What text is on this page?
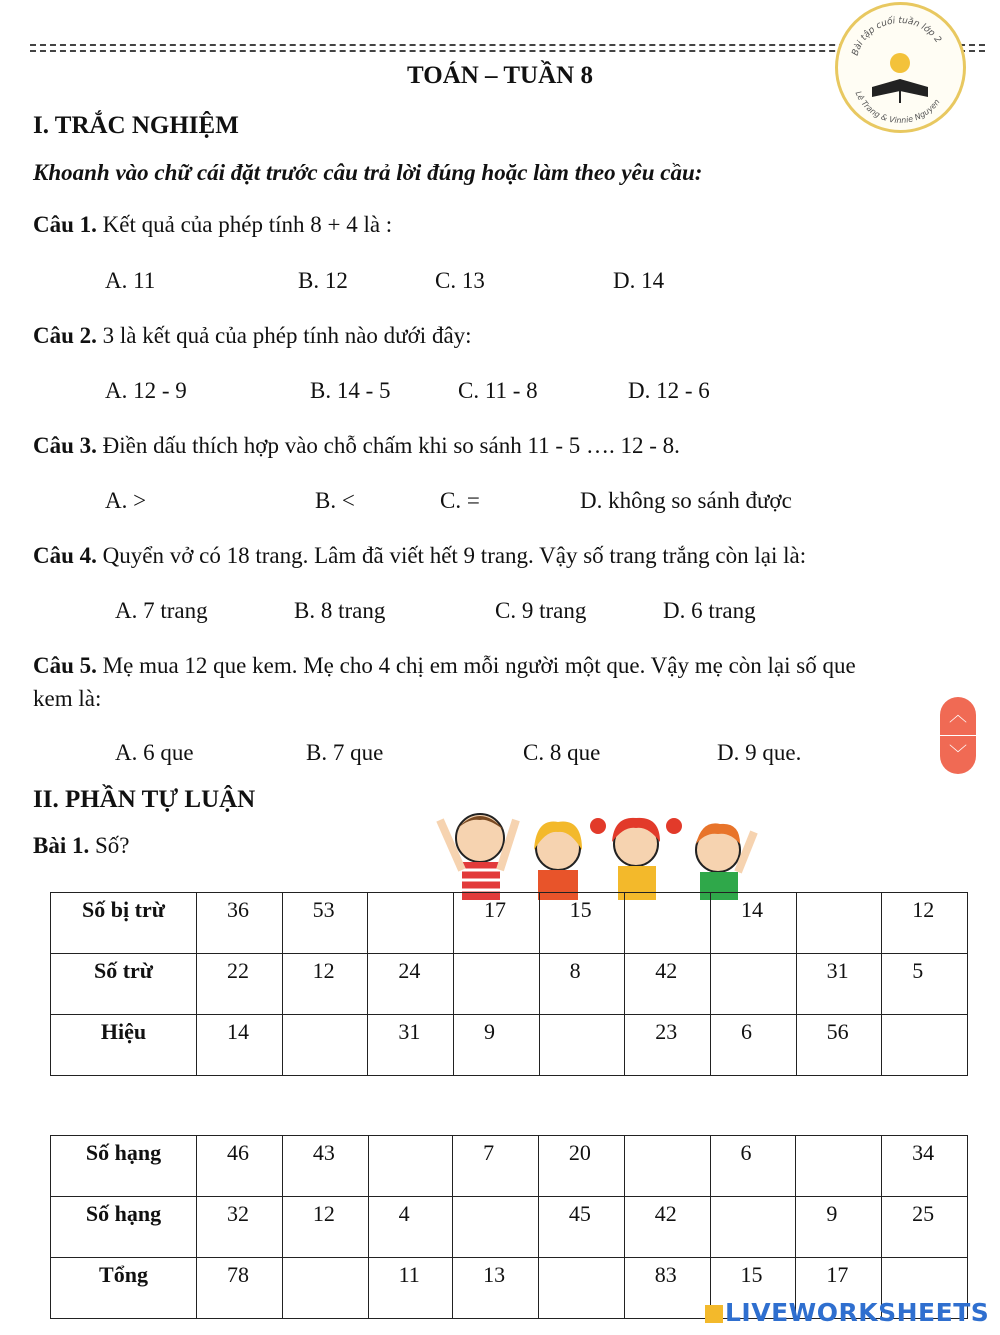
Bài tập cuối tuần lớp 2
Lê Trang & Vinnie Nguyen
TOÁN – TUẦN 8
I. TRẮC NGHIỆM
Khoanh vào chữ cái đặt trước câu trả lời đúng hoặc làm theo yêu cầu:
Câu 1. Kết quả của phép tính 8 + 4 là :
A. 11	B. 12	C. 13	D. 14
Câu 2. 3 là kết quả của phép tính nào dưới đây:
A. 12 - 9	B. 14 - 5	C. 11 - 8	D. 12 - 6
Câu 3. Điền dấu thích hợp vào chỗ chấm khi so sánh 11 - 5 …. 12 - 8.
A. >	B. <	C. =	D. không so sánh được
Câu 4. Quyển vở có 18 trang. Lâm đã viết hết 9 trang. Vậy số trang trắng còn lại là:
A. 7 trang	B. 8 trang	C. 9 trang	D. 6 trang
Câu 5. Mẹ mua 12 que kem. Mẹ cho 4 chị em mỗi người một que. Vậy mẹ còn lại số que
kem là:
A. 6 que	B. 7 que	C. 8 que	D. 9 que.
︿
﹀
II. PHẦN TỰ LUẬN
Bài 1. Số?
Số bị trừ	36	53		17	15		14		12

Số trừ	22	12	24		8	42		31	5

Hiệu	14		31	9		23	6	56	

Số hạng	46	43		7	20		6		34

Số hạng	32	12	4		45	42		9	25

Tổng	78		11	13		83	15	17	

LIVEWORKSHEETS
